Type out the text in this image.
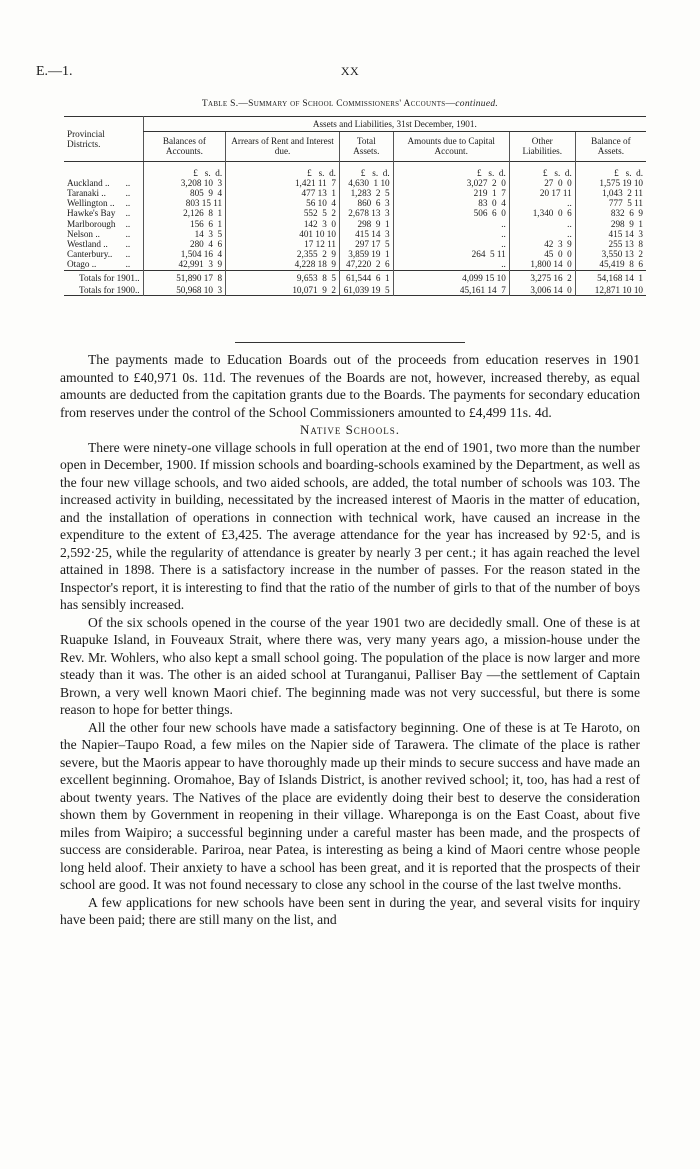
E.—1.	XX
Table S.—Summary of School Commissioners' Accounts—continued.
Provincial Districts.		Assets and Liabilities, 31st December, 1901.					
		Balances of Accounts.	Arrears of Rent and Interest due.	Total Assets.	Amounts due to Capital Account.	Other Liabilities.	Balance of Assets.
		£   s.  d.	£   s.  d.	£   s.  d.	£   s.  d.	£   s.  d.	£   s.  d.
Auckland ..	..	3,208 10  3	1,421 11  7	4,630  1 10	3,027  2  0	27  0  0	1,575 19 10
Taranaki ..	..	805  9  4	477 13  1	1,283  2  5	219  1  7	20 17 11	1,043  2 11
Wellington ..	..	803 15 11	56 10  4	860  6  3	83  0  4	..	777  5 11
Hawke's Bay	..	2,126  8  1	552  5  2	2,678 13  3	506  6  0	1,340  0  6	832  6  9
Marlborough	..	156  6  1	142  3  0	298  9  1	..	..	298  9  1
Nelson ..	..	14  3  5	401 10 10	415 14  3	..	..	415 14  3
Westland ..	..	280  4  6	17 12 11	297 17  5	..	42  3  9	255 13  8
Canterbury..	..	1,504 16  4	2,355  2  9	3,859 19  1	264  5 11	45  0  0	3,550 13  2
Otago ..	..	42,991  3  9	4,228 18  9	47,220  2  6	..	1,800 14  0	45,419  8  6
Totals for 1901..		51,890 17  8	9,653  8  5	61,544  6  1	4,099 15 10	3,275 16  2	54,168 14  1
Totals for 1900..		50,968 10  3	10,071  9  2	61,039 19  5	45,161 14  7	3,006 14  0	12,871 10 10

The payments made to Education Boards out of the proceeds from education reserves in 1901 amounted to £40,971 0s. 11d. The revenues of the Boards are not, however, increased thereby, as equal amounts are deducted from the capitation grants due to the Boards. The payments for secondary education from reserves under the control of the School Commissioners amounted to £4,499 11s. 4d.

Native Schools.

There were ninety-one village schools in full operation at the end of 1901, two more than the number open in December, 1900. If mission schools and boarding-schools examined by the Department, as well as the four new village schools, and two aided schools, are added, the total number of schools was 103. The increased activity in building, necessitated by the increased interest of Maoris in the matter of education, and the installation of operations in connection with technical work, have caused an increase in the expenditure to the extent of £3,425. The average attendance for the year has increased by 92·5, and is 2,592·25, while the regularity of attendance is greater by nearly 3 per cent.; it has again reached the level attained in 1898. There is a satisfactory increase in the number of passes. For the reason stated in the Inspector's report, it is interesting to find that the ratio of the number of girls to that of the number of boys has sensibly increased.

Of the six schools opened in the course of the year 1901 two are decidedly small. One of these is at Ruapuke Island, in Fouveaux Strait, where there was, very many years ago, a mission-house under the Rev. Mr. Wohlers, who also kept a small school going. The population of the place is now larger and more steady than it was. The other is an aided school at Turanganui, Palliser Bay —the settlement of Captain Brown, a very well known Maori chief. The beginning made was not very successful, but there is some reason to hope for better things.

All the other four new schools have made a satisfactory beginning. One of these is at Te Haroto, on the Napier–Taupo Road, a few miles on the Napier side of Tarawera. The climate of the place is rather severe, but the Maoris appear to have thoroughly made up their minds to secure success and have made an excellent beginning. Oromahoe, Bay of Islands District, is another revived school; it, too, has had a rest of about twenty years. The Natives of the place are evidently doing their best to deserve the consideration shown them by Government in reopening in their village. Whareponga is on the East Coast, about five miles from Waipiro; a successful beginning under a careful master has been made, and the prospects of success are considerable. Pariroa, near Patea, is interesting as being a kind of Maori centre whose people long held aloof. Their anxiety to have a school has been great, and it is reported that the prospects of their school are good. It was not found necessary to close any school in the course of the last twelve months.

A few applications for new schools have been sent in during the year, and several visits for inquiry have been paid; there are still many on the list, and
